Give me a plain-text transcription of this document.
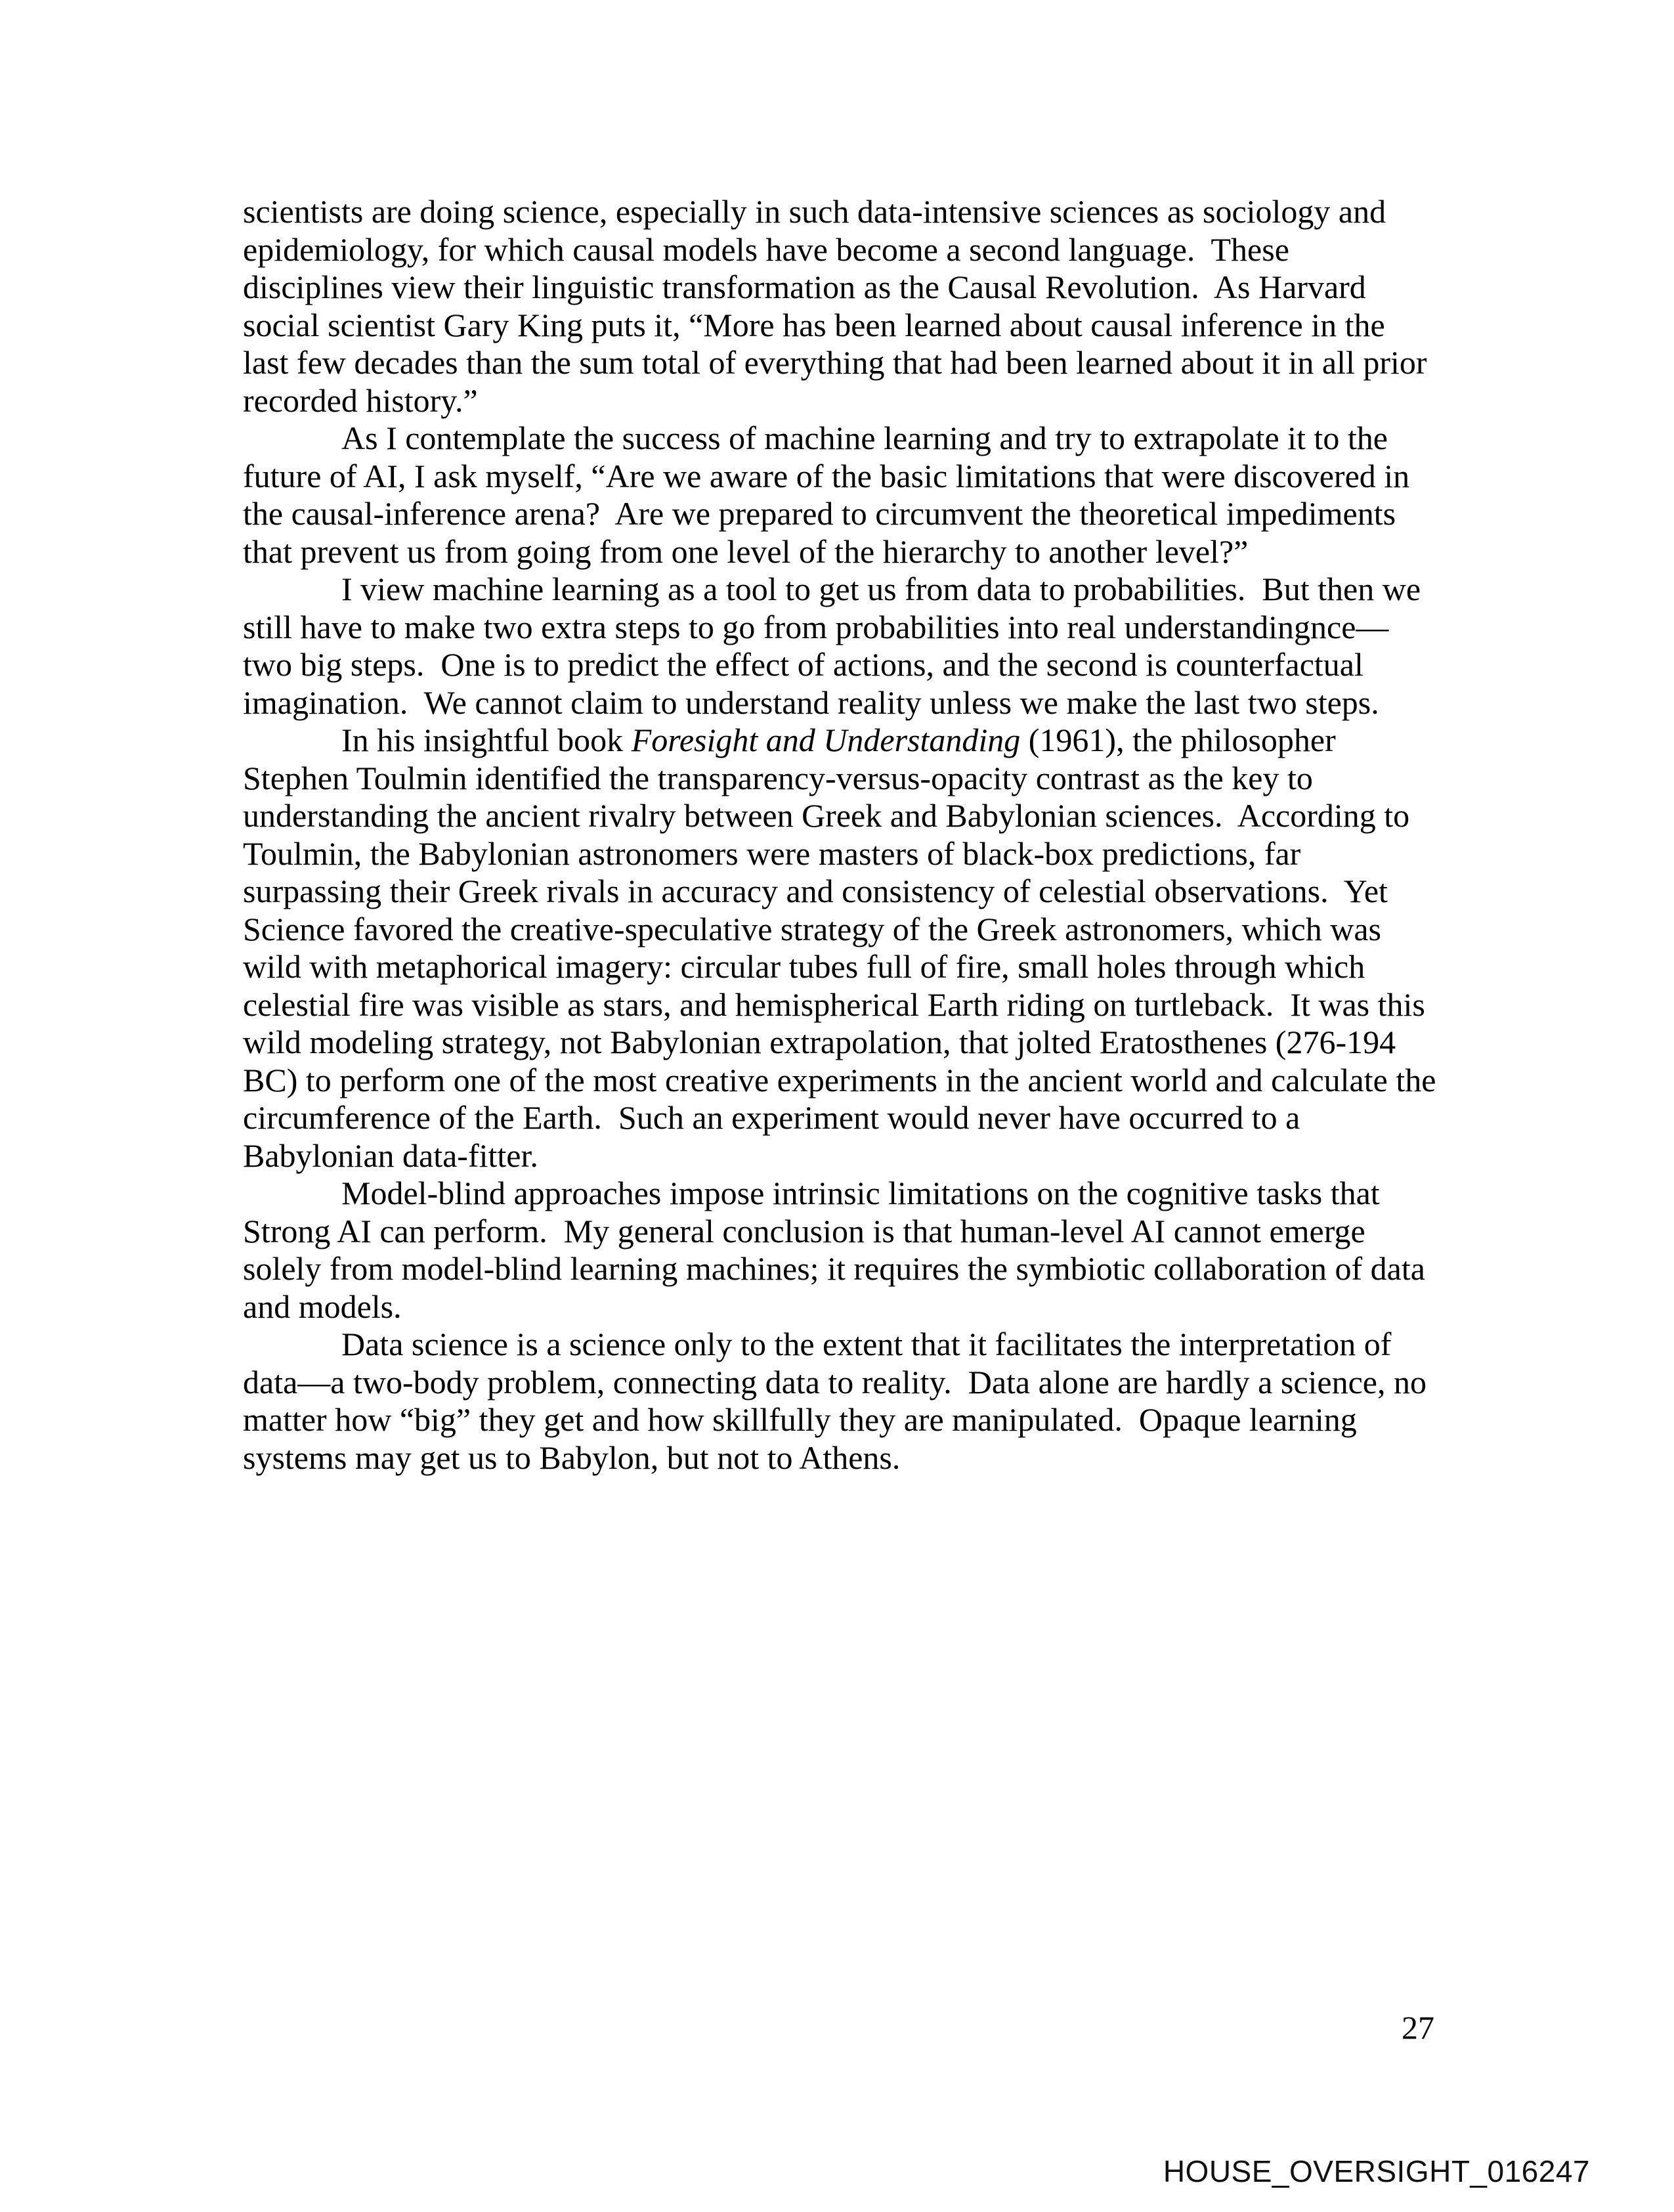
scientists are doing science, especially in such data-intensive sciences as sociology and epidemiology, for which causal models have become a second language.  These disciplines view their linguistic transformation as the Causal Revolution.  As Harvard social scientist Gary King puts it, “More has been learned about causal inference in the last few decades than the sum total of everything that had been learned about it in all prior recorded history.”

As I contemplate the success of machine learning and try to extrapolate it to the future of AI, I ask myself, “Are we aware of the basic limitations that were discovered in the causal-inference arena?  Are we prepared to circumvent the theoretical impediments that prevent us from going from one level of the hierarchy to another level?”

I view machine learning as a tool to get us from data to probabilities.  But then we still have to make two extra steps to go from probabilities into real understandingnce—two big steps.  One is to predict the effect of actions, and the second is counterfactual imagination.  We cannot claim to understand reality unless we make the last two steps.

In his insightful book Foresight and Understanding (1961), the philosopher Stephen Toulmin identified the transparency-versus-opacity contrast as the key to understanding the ancient rivalry between Greek and Babylonian sciences.  According to Toulmin, the Babylonian astronomers were masters of black-box predictions, far surpassing their Greek rivals in accuracy and consistency of celestial observations.  Yet Science favored the creative-speculative strategy of the Greek astronomers, which was wild with metaphorical imagery: circular tubes full of fire, small holes through which celestial fire was visible as stars, and hemispherical Earth riding on turtleback.  It was this wild modeling strategy, not Babylonian extrapolation, that jolted Eratosthenes (276-194 BC) to perform one of the most creative experiments in the ancient world and calculate the circumference of the Earth.  Such an experiment would never have occurred to a Babylonian data-fitter.

Model-blind approaches impose intrinsic limitations on the cognitive tasks that Strong AI can perform.  My general conclusion is that human-level AI cannot emerge solely from model-blind learning machines; it requires the symbiotic collaboration of data and models.

Data science is a science only to the extent that it facilitates the interpretation of data—a two-body problem, connecting data to reality.  Data alone are hardly a science, no matter how “big” they get and how skillfully they are manipulated.  Opaque learning systems may get us to Babylon, but not to Athens.

27
HOUSE_OVERSIGHT_016247
